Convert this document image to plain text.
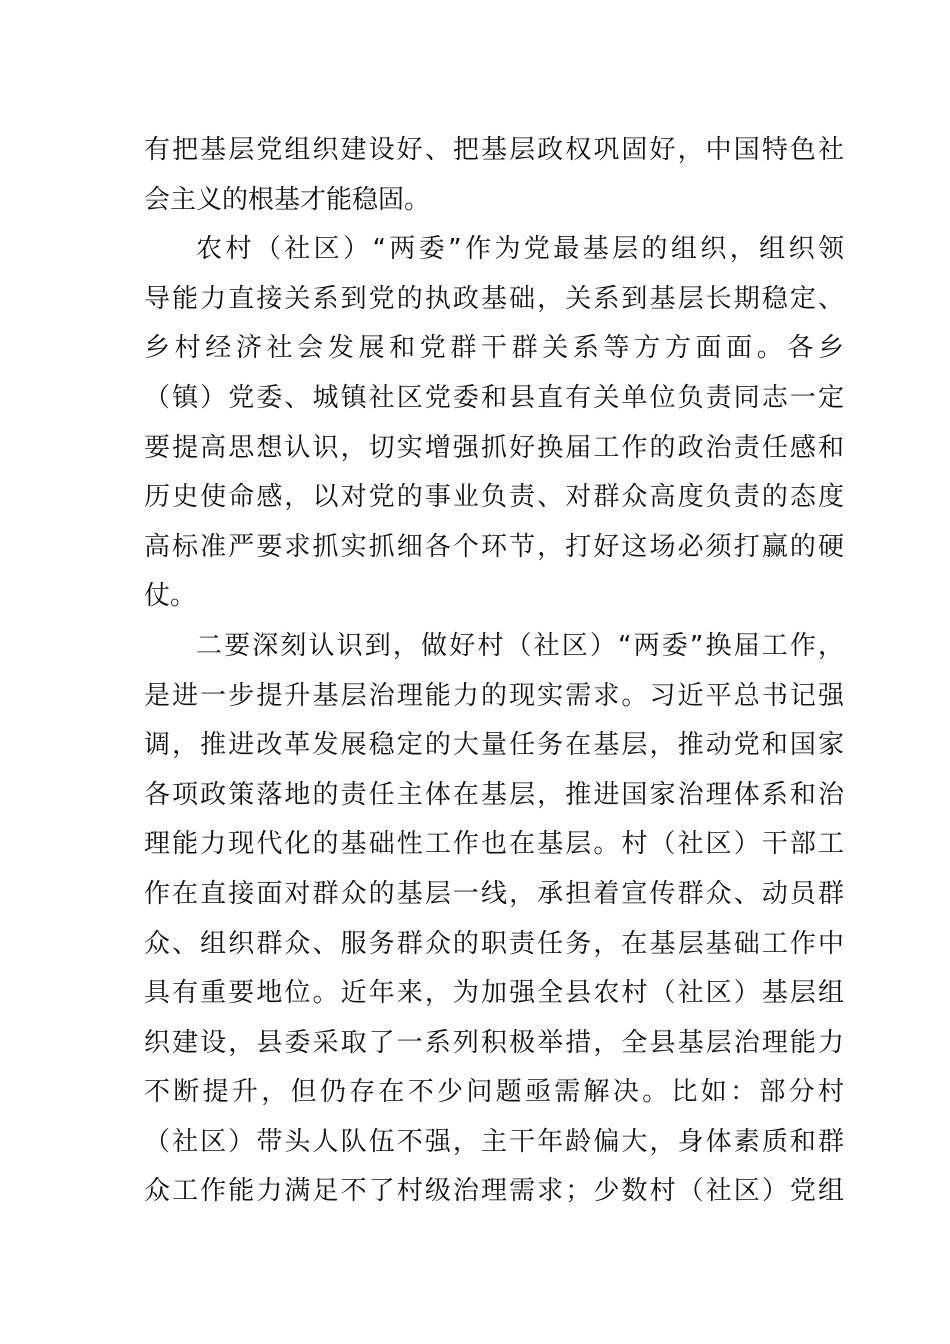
有把基层党组织建设好、把基层政权巩固好，中国特色社
会主义的根基才能稳固。
农村（社区）“两委”作为党最基层的组织，组织领
导能力直接关系到党的执政基础，关系到基层长期稳定、
乡村经济社会发展和党群干群关系等方方面面。各乡
（镇）党委、城镇社区党委和县直有关单位负责同志一定
要提高思想认识，切实增强抓好换届工作的政治责任感和
历史使命感，以对党的事业负责、对群众高度负责的态度
高标准严要求抓实抓细各个环节，打好这场必须打赢的硬
仗。
二要深刻认识到，做好村（社区）“两委”换届工作，
是进一步提升基层治理能力的现实需求。习近平总书记强
调，推进改革发展稳定的大量任务在基层，推动党和国家
各项政策落地的责任主体在基层，推进国家治理体系和治
理能力现代化的基础性工作也在基层。村（社区）干部工
作在直接面对群众的基层一线，承担着宣传群众、动员群
众、组织群众、服务群众的职责任务，在基层基础工作中
具有重要地位。近年来，为加强全县农村（社区）基层组
织建设，县委采取了一系列积极举措，全县基层治理能力
不断提升，但仍存在不少问题亟需解决。比如：部分村
（社区）带头人队伍不强，主干年龄偏大，身体素质和群
众工作能力满足不了村级治理需求；少数村（社区）党组
